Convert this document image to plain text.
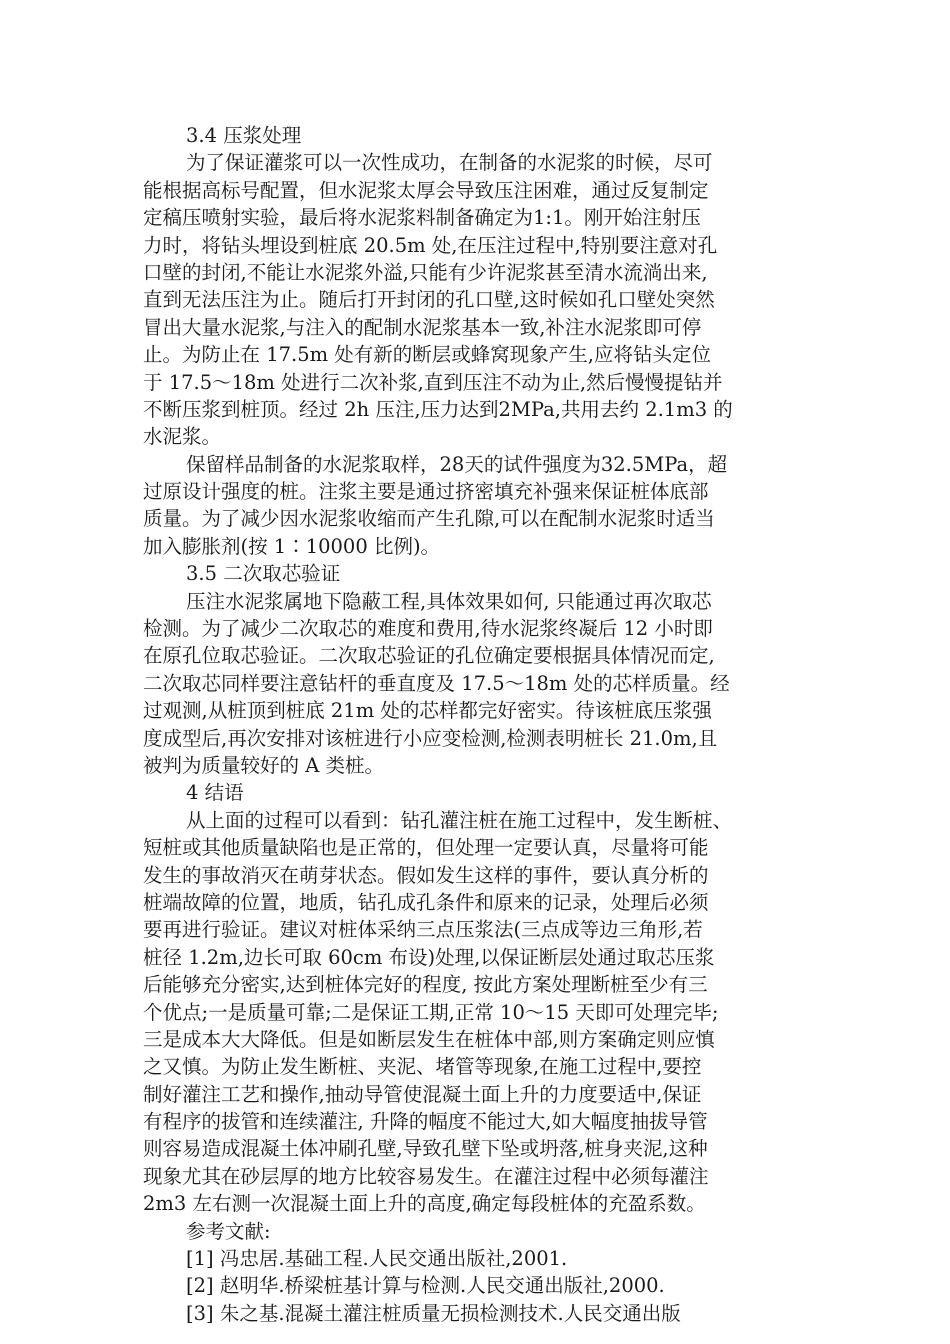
3.4 压浆处理
为了保证灌浆可以一次性成功，在制备的水泥浆的时候，尽可
能根据高标号配置，但水泥浆太厚会导致压注困难，通过反复制定
定稿压喷射实验，最后将水泥浆料制备确定为1:1。刚开始注射压
力时，将钻头埋设到桩底 20.5m 处,在压注过程中,特别要注意对孔
口壁的封闭,不能让水泥浆外溢,只能有少许泥浆甚至清水流淌出来,
直到无法压注为止。随后打开封闭的孔口壁,这时候如孔口壁处突然
冒出大量水泥浆,与注入的配制水泥浆基本一致,补注水泥浆即可停
止。为防止在 17.5m 处有新的断层或蜂窝现象产生,应将钻头定位
于 17.5～18m 处进行二次补浆,直到压注不动为止,然后慢慢提钻并
不断压浆到桩顶。经过 2h 压注,压力达到2MPa,共用去约 2.1m3 的
水泥浆。
保留样品制备的水泥浆取样，28天的试件强度为32.5MPa，超
过原设计强度的桩。注浆主要是通过挤密填充补强来保证桩体底部
质量。为了减少因水泥浆收缩而产生孔隙,可以在配制水泥浆时适当
加入膨胀剂(按 1∶10000 比例)。
3.5 二次取芯验证
压注水泥浆属地下隐蔽工程,具体效果如何, 只能通过再次取芯
检测。为了减少二次取芯的难度和费用,待水泥浆终凝后 12 小时即
在原孔位取芯验证。二次取芯验证的孔位确定要根据具体情况而定,
二次取芯同样要注意钻杆的垂直度及 17.5～18m 处的芯样质量。经
过观测,从桩顶到桩底 21m 处的芯样都完好密实。待该桩底压浆强
度成型后,再次安排对该桩进行小应变检测,检测表明桩长 21.0m,且
被判为质量较好的 A 类桩。
4 结语
从上面的过程可以看到：钻孔灌注桩在施工过程中，发生断桩、
短桩或其他质量缺陷也是正常的，但处理一定要认真，尽量将可能
发生的事故消灭在萌芽状态。假如发生这样的事件，要认真分析的
桩端故障的位置，地质，钻孔成孔条件和原来的记录，处理后必须
要再进行验证。建议对桩体采纳三点压浆法(三点成等边三角形,若
桩径 1.2m,边长可取 60cm 布设)处理,以保证断层处通过取芯压浆
后能够充分密实,达到桩体完好的程度, 按此方案处理断桩至少有三
个优点;一是质量可靠;二是保证工期,正常 10～15 天即可处理完毕;
三是成本大大降低。但是如断层发生在桩体中部,则方案确定则应慎
之又慎。为防止发生断桩、夹泥、堵管等现象,在施工过程中,要控
制好灌注工艺和操作,抽动导管使混凝土面上升的力度要适中,保证
有程序的拔管和连续灌注, 升降的幅度不能过大,如大幅度抽拔导管
则容易造成混凝土体冲刷孔壁,导致孔壁下坠或坍落,桩身夹泥,这种
现象尤其在砂层厚的地方比较容易发生。在灌注过程中必须每灌注
2m3 左右测一次混凝土面上升的高度,确定每段桩体的充盈系数。
参考文献:
[1] 冯忠居.基础工程.人民交通出版社,2001.
[2] 赵明华.桥梁桩基计算与检测.人民交通出版社,2000.
[3] 朱之基.混凝土灌注桩质量无损检测技术.人民交通出版
